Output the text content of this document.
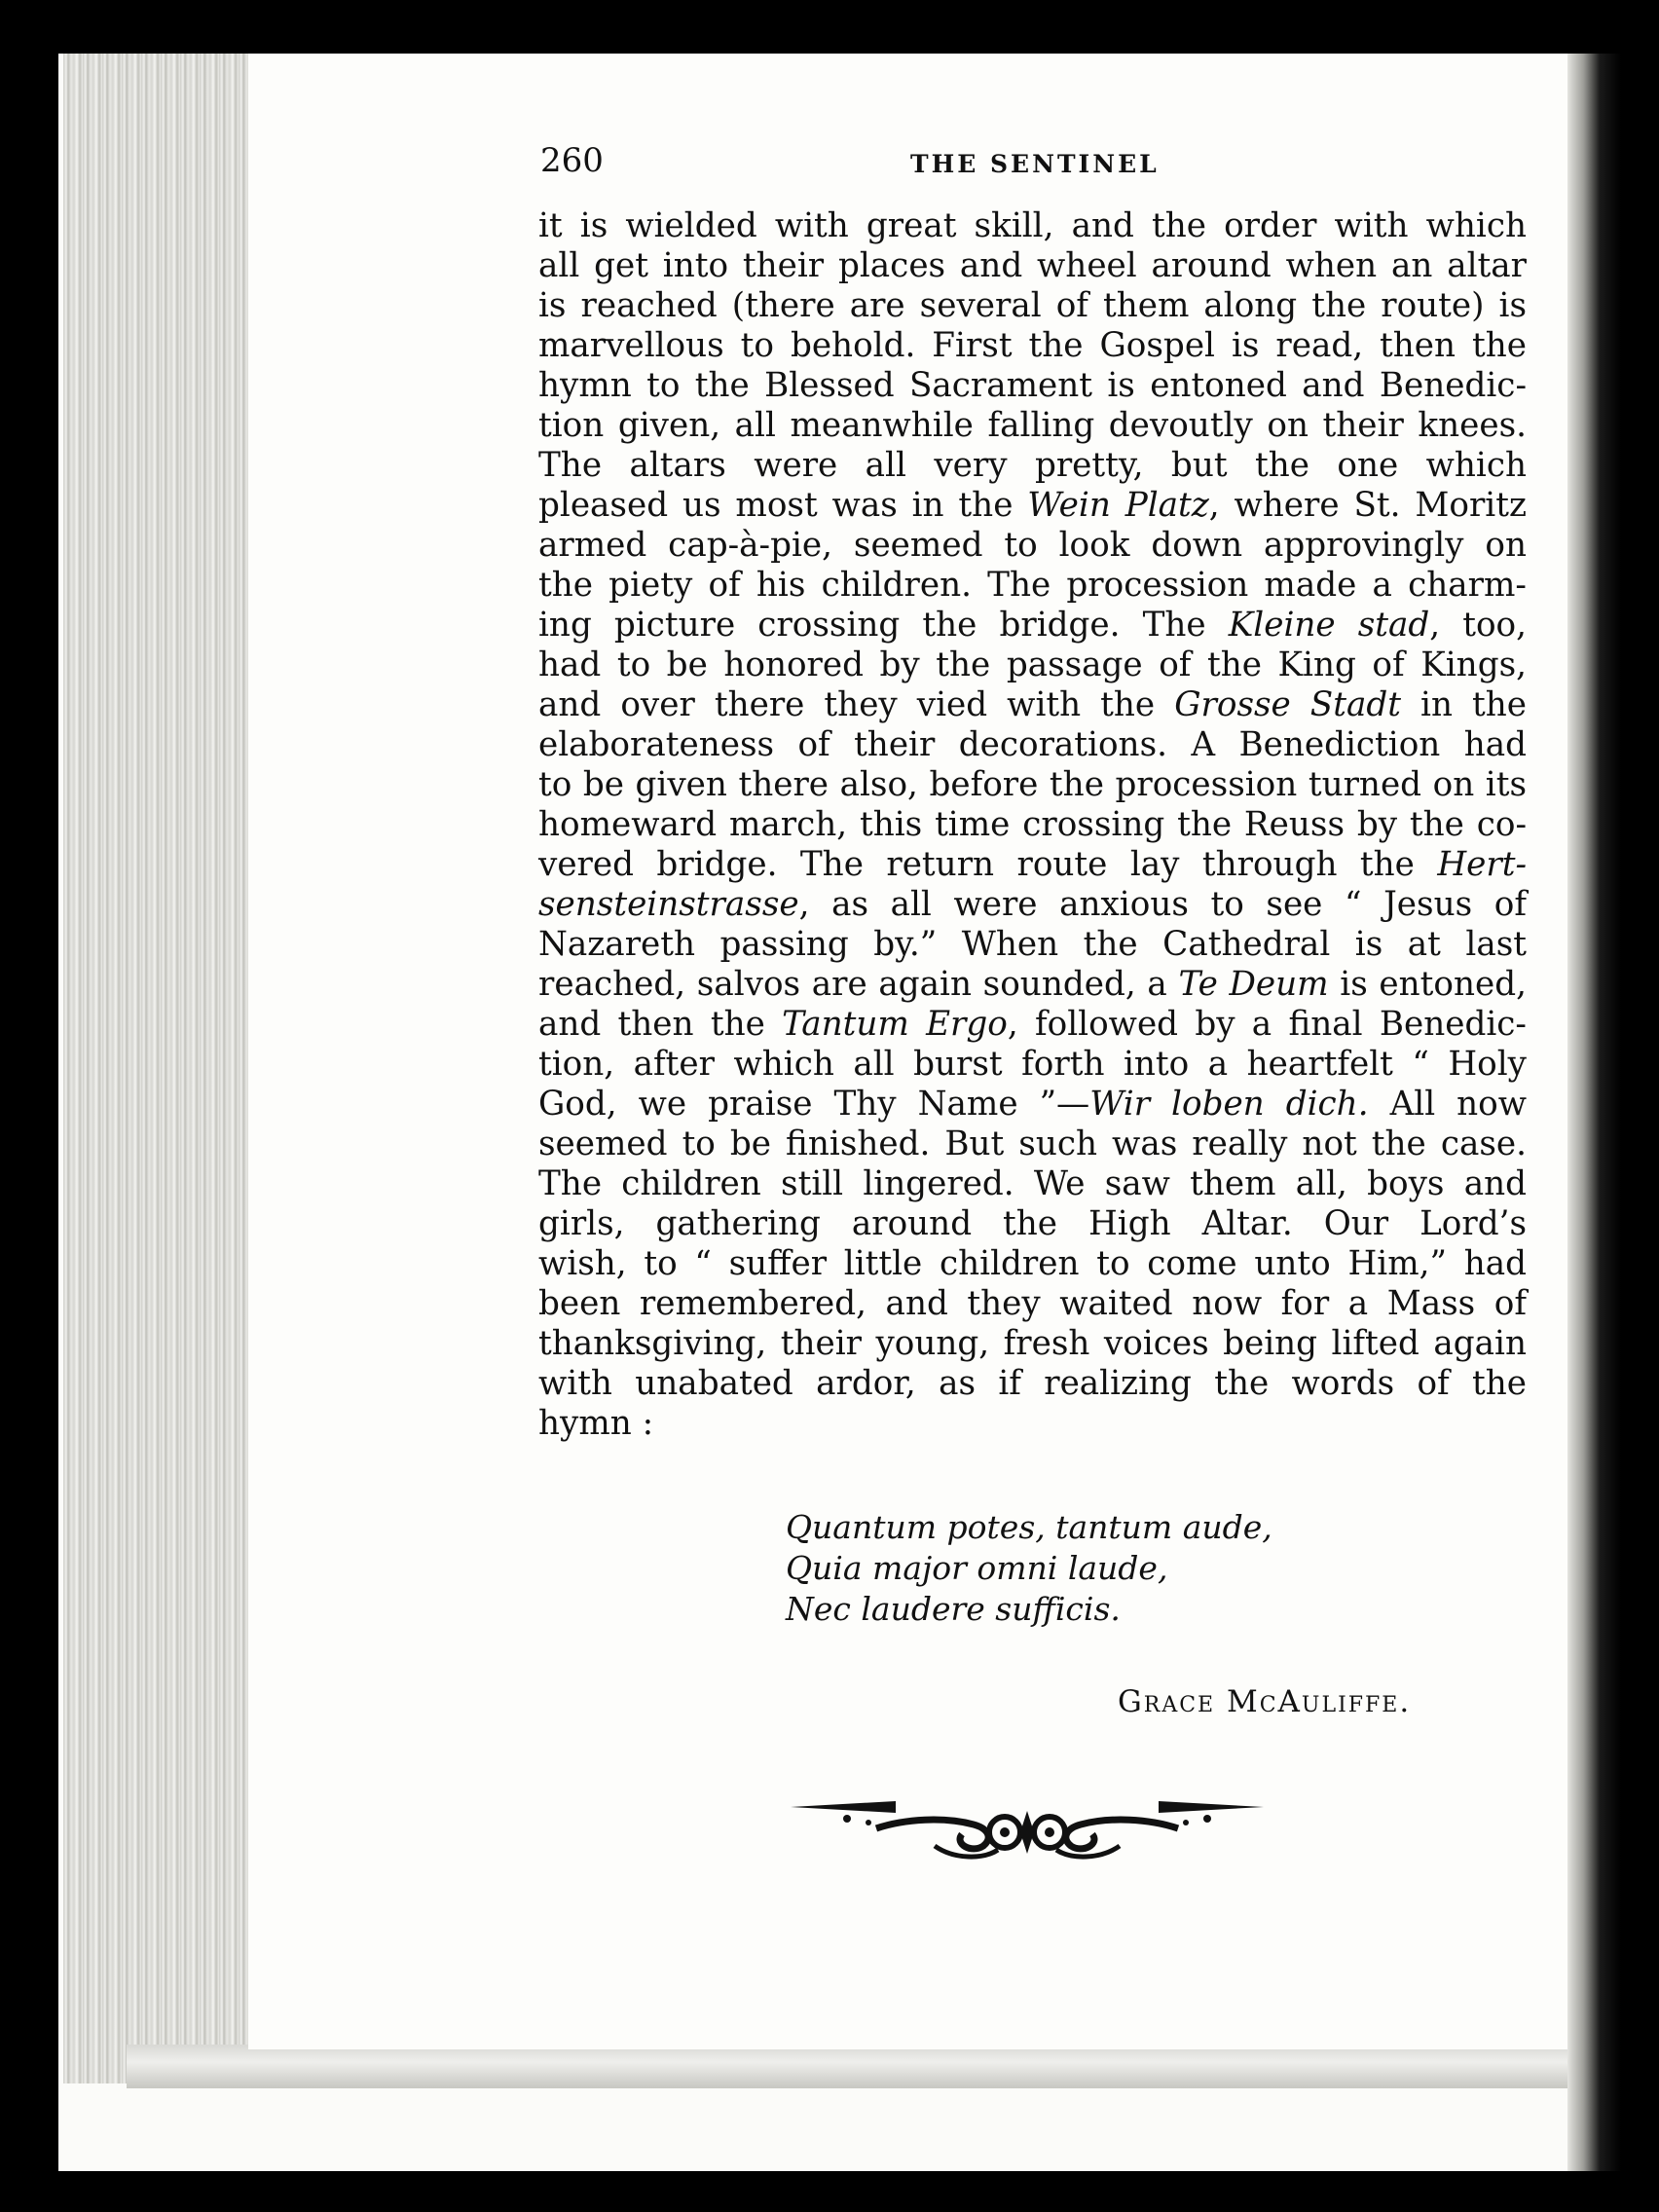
260	THE SENTINEL
it is wielded with great skill, and the order with which
all get into their places and wheel around when an altar
is reached (there are several of them along the route) is
marvellous to behold. First the Gospel is read, then the
hymn to the Blessed Sacrament is entoned and Benedic-
tion given, all meanwhile falling devoutly on their knees.
The altars were all very pretty, but the one which
pleased us most was in the Wein Platz, where St. Moritz
armed cap-à-pie, seemed to look down approvingly on
the piety of his children. The procession made a charm-
ing picture crossing the bridge. The Kleine stad, too,
had to be honored by the passage of the King of Kings,
and over there they vied with the Grosse Stadt in the
elaborateness of their decorations. A Benediction had
to be given there also, before the procession turned on its
homeward march, this time crossing the Reuss by the co-
vered bridge. The return route lay through the Hert-
sensteinstrasse, as all were anxious to see “ Jesus of
Nazareth passing by.” When the Cathedral is at last
reached, salvos are again sounded, a Te Deum is entoned,
and then the Tantum Ergo, followed by a final Benedic-
tion, after which all burst forth into a heartfelt “ Holy
God, we praise Thy Name ”—Wir loben dich. All now
seemed to be finished. But such was really not the case.
The children still lingered. We saw them all, boys and
girls, gathering around the High Altar. Our Lord’s
wish, to “ suffer little children to come unto Him,” had
been remembered, and they waited now for a Mass of
thanksgiving, their young, fresh voices being lifted again
with unabated ardor, as if realizing the words of the
hymn :
Quantum potes, tantum aude,
Quia major omni laude,
Nec laudere sufficis.
Grace McAuliffe.
